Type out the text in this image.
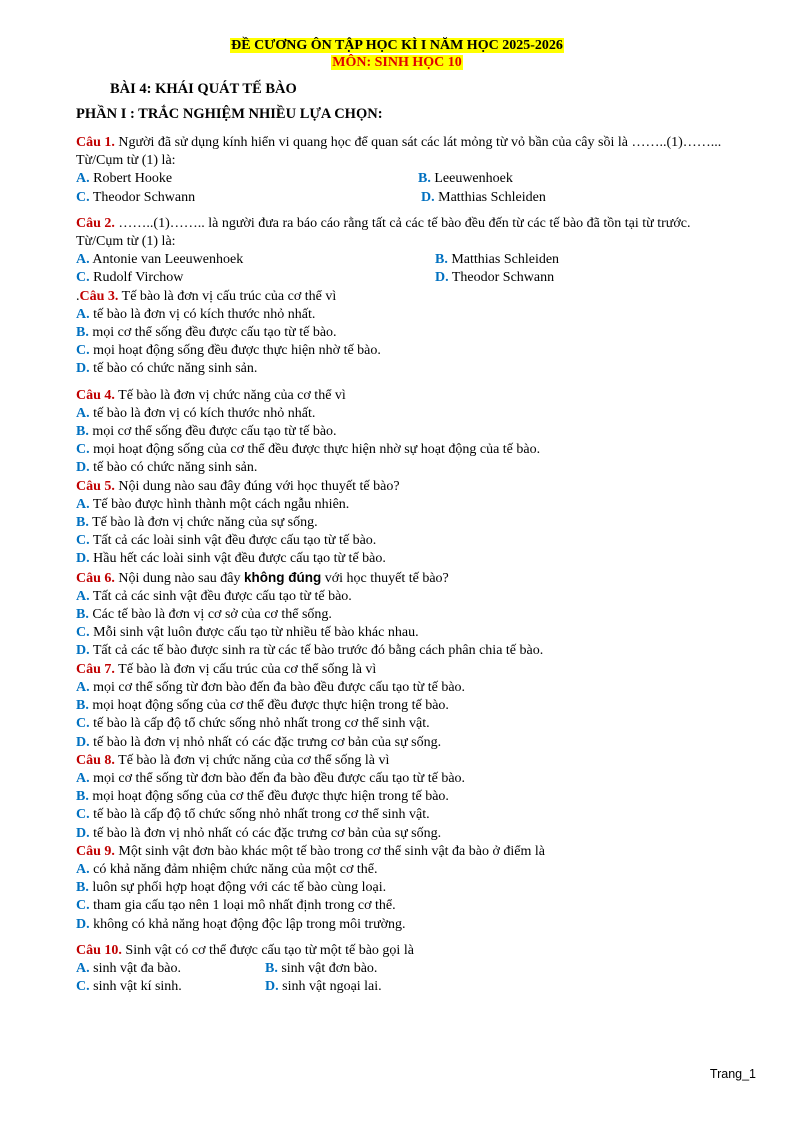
ĐỀ CƯƠNG ÔN TẬP HỌC KÌ I NĂM HỌC 2025-2026
MÔN: SINH HỌC 10
BÀI 4: KHÁI QUÁT TẾ BÀO
PHẦN I : TRẮC NGHIỆM NHIỀU LỰA CHỌN:
Câu 1. Người đã sử dụng kính hiển vi quang học để quan sát các lát mỏng từ vỏ bần của cây sồi là ……..(1)……...
Từ/Cụm từ (1) là:
A. Robert Hooke	B. Leeuwenhoek
C. Theodor Schwann	D. Matthias Schleiden
Câu 2. ……..(1)…….. là người đưa ra báo cáo rằng tất cả các tế bào đều đến từ các tế bào đã tồn tại từ trước.
Từ/Cụm từ (1) là:
A. Antonie van Leeuwenhoek	B. Matthias Schleiden
C. Rudolf Virchow	D. Theodor Schwann
.Câu 3. Tế bào là đơn vị cấu trúc của cơ thể vì
A. tế bào là đơn vị có kích thước nhỏ nhất.
B. mọi cơ thể sống đều được cấu tạo từ tế bào.
C. mọi hoạt động sống đều được thực hiện nhờ tế bào.
D. tế bào có chức năng sinh sản.
Câu 4. Tế bào là đơn vị chức năng của cơ thể vì
A. tế bào là đơn vị có kích thước nhỏ nhất.
B. mọi cơ thể sống đều được cấu tạo từ tế bào.
C. mọi hoạt động sống của cơ thể đều được thực hiện nhờ sự hoạt động của tế bào.
D. tế bào có chức năng sinh sản.
Câu 5. Nội dung nào sau đây đúng với học thuyết tế bào?
A. Tế bào được hình thành một cách ngẫu nhiên.
B. Tế bào là đơn vị chức năng của sự sống.
C. Tất cả các loài sinh vật đều được cấu tạo từ tế bào.
D. Hầu hết các loài sinh vật đều được cấu tạo từ tế bào.
Câu 6. Nội dung nào sau đây không đúng với học thuyết tế bào?
A. Tất cả các sinh vật đều được cấu tạo từ tế bào.
B. Các tế bào là đơn vị cơ sở của cơ thể sống.
C. Mỗi sinh vật luôn được cấu tạo từ nhiều tế bào khác nhau.
D. Tất cả các tế bào được sinh ra từ các tế bào trước đó bằng cách phân chia tế bào.
Câu 7. Tế bào là đơn vị cấu trúc của cơ thể sống là vì
A. mọi cơ thể sống từ đơn bào đến đa bào đều được cấu tạo từ tế bào.
B. mọi hoạt động sống của cơ thể đều được thực hiện trong tế bào.
C. tế bào là cấp độ tổ chức sống nhỏ nhất trong cơ thể sinh vật.
D. tế bào là đơn vị nhỏ nhất có các đặc trưng cơ bản của sự sống.
Câu 8. Tế bào là đơn vị chức năng của cơ thể sống là vì
A. mọi cơ thể sống từ đơn bào đến đa bào đều được cấu tạo từ tế bào.
B. mọi hoạt động sống của cơ thể đều được thực hiện trong tế bào.
C. tế bào là cấp độ tổ chức sống nhỏ nhất trong cơ thể sinh vật.
D. tế bào là đơn vị nhỏ nhất có các đặc trưng cơ bản của sự sống.
Câu 9. Một sinh vật đơn bào khác một tế bào trong cơ thể sinh vật đa bào ở điểm là
A. có khả năng đảm nhiệm chức năng của một cơ thể.
B. luôn sự phối hợp hoạt động với các tế bào cùng loại.
C. tham gia cấu tạo nên 1 loại mô nhất định trong cơ thể.
D. không có khả năng hoạt động độc lập trong môi trường.
Câu 10. Sinh vật có cơ thể được cấu tạo từ một tế bào gọi là
A. sinh vật đa bào.	B. sinh vật đơn bào.
C. sinh vật kí sinh.	D. sinh vật ngoại lai.
Trang_1
